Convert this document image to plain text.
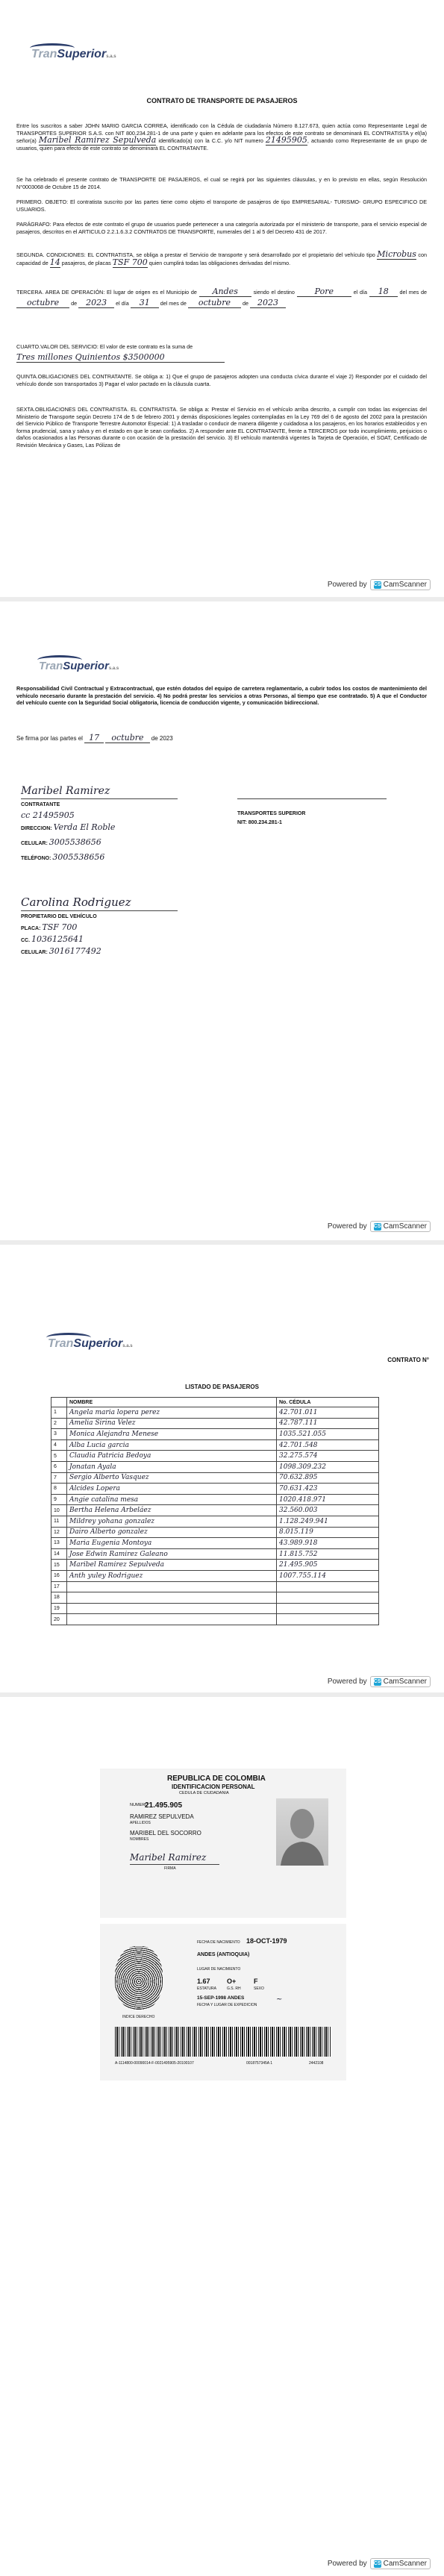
TranSuperiors.a.s
CONTRATO DE TRANSPORTE DE PASAJEROS
Entre los suscritos a saber JOHN MARIO GARCIA CORREA, identificado con la Cédula de ciudadanía Número 8.127.673, quien actúa como Representante Legal de TRANSPORTES SUPERIOR S.A.S. con NIT 800.234.281-1 de una parte y quien en adelante para los efectos de este contrato se denominará EL CONTRATISTA y el(la) señor(a) Maribel Ramirez Sepulveda identificado(a) con la C.C. y/o NIT numero 21495905, actuando como Representante de un grupo de usuarios, quien para efecto de este contrato se denominará EL CONTRATANTE.
Se ha celebrado el presente contrato de TRANSPORTE DE PASAJEROS, el cual se regirá por las siguientes cláusulas, y en lo previsto en ellas, según Resolución N°0003068 de Octubre 15 de 2014.
PRIMERO. OBJETO: El contratista suscrito por las partes tiene como objeto el transporte de pasajeros de tipo EMPRESARIAL- TURISMO- GRUPO ESPECIFICO DE USUARIOS.
PARÁGRAFO: Para efectos de este contrato el grupo de usuarios puede pertenecer a una categoría autorizada por el ministerio de transporte, para el servicio especial de pasajeros, descritos en el ARTICULO 2.2.1.6.3.2 CONTRATOS DE TRANSPORTE, numerales del 1 al 5 del Decreto 431 de 2017.
SEGUNDA. CONDICIONES: EL CONTRATISTA, se obliga a prestar el Servicio de transporte y será desarrollado por el propietario del vehículo tipo Microbus con capacidad de 14 pasajeros, de placas TSF 700 quien cumplirá todas las obligaciones derivadas del mismo.
TERCERA. AREA DE OPERACIÓN: El lugar de origen es el Municipio de Andes	siendo el destino Pore	el día 18 del mes de octubre de 2023 el día 31 del mes de octubre de 2023
CUARTO.VALOR DEL SERVICIO: El valor de este contrato es la suma de
Tres millones Quinientos $3500000
QUINTA.OBLIGACIONES DEL CONTRATANTE. Se obliga a: 1) Que el grupo de pasajeros adopten una conducta cívica durante el viaje 2) Responder por el cuidado del vehículo donde son transportados 3) Pagar el valor pactado en la cláusula cuarta.
SEXTA.OBLIGACIONES DEL CONTRATISTA. EL CONTRATISTA. Se obliga a: Prestar el Servicio en el vehículo arriba descrito, a cumplir con todas las exigencias del Ministerio de Transporte según Decreto 174 de 5 de febrero 2001 y demás disposiciones legales contempladas en la Ley 769 del 6 de agosto del 2002 para la prestación del Servicio Público de Transporte Terrestre Automotor Especial: 1) A trasladar o conducir de manera diligente y cuidadosa a los pasajeros, en los horarios establecidos y en forma prudencial, sana y salva y en el estado en que le sean confiados. 2) A responder ante EL CONTRATANTE, frente a TERCEROS por todo incumplimiento, perjuicios o daños ocasionados a las Personas durante o con ocasión de la prestación del servicio. 3) El vehículo mantendrá vigentes la Tarjeta de Operación, el SOAT, Certificado de Revisión Mecánica y Gases, Las Pólizas de
Powered by CS CamScanner
TranSuperiors.a.s
Responsabilidad Civil Contractual y Extracontractual, que estén dotados del equipo de carretera reglamentario, a cubrir todos los costos de mantenimiento del vehículo necesario durante la prestación del servicio. 4) No podrá prestar los servicios a otras Personas, al tiempo que ese contratado. 5) A que el Conductor del vehículo cuente con la Seguridad Social obligatoria, licencia de conducción vigente, y comunicación bidireccional.
Se firma por las partes el 17 octubre de 2023
Maribel Ramirez
CONTRATANTE
cc 21495905
DIRECCION: Verda El Roble
CELULAR: 3005538656
TELÉFONO: 3005538656
TRANSPORTES SUPERIOR
NIT: 800.234.281-1
Carolina Rodriguez
PROPIETARIO DEL VEHÍCULO
PLACA: TSF 700
CC. 1036125641
CELULAR: 3016177492
Powered by CS CamScanner
TranSuperiors.a.s
CONTRATO N°
LISTADO DE PASAJEROS
	NOMBRE	No. CÉDULA
1	Angela maria lopera perez	42.701.011
2	Amelia Sirina Velez	42.787.111
3	Monica Alejandra Menese	1035.521.055
4	Alba Lucia garcia	42.701.548
5	Claudia Patricia Bedoya	32.275.574
6	Jonatan Ayala	1098.309.232
7	Sergio Alberto Vasquez	70.632.895
8	Alcides Lopera	70.631.423
9	Angie catalina mesa	1020.418.971
10	Bertha Helena Arbeláez	32.560.003
11	Mildrey yohana gonzalez	1.128.249.941
12	Dairo Alberto gonzalez	8.015.119
13	Maria Eugenia Montoya	43.989.918
14	Jose Edwin Ramirez Galeano	11.815.752
15	Maribel Ramirez Sepulveda	21.495.905
16	Anth yuley Rodriguez	1007.755.114
17		
18		
19		
20		
Powered by CS CamScanner
REPUBLICA DE COLOMBIA
IDENTIFICACION PERSONAL
CEDULA DE CIUDADANIA
NUMERO
21.495.905
RAMIREZ SEPULVEDA
APELLIDOS
MARIBEL DEL SOCORRO
NOMBRES
Maribel Ramirez
FIRMA
INDICE DERECHO
FECHA DE NACIMIENTO 18-OCT-1979
ANDES (ANTIOQUIA)
LUGAR DE NACIMIENTO
1.67
ESTATURA
O+
G.S. RH
F
SEXO
15-SEP-1998 ANDES
FECHA Y LUGAR DE EXPEDICION
~
A-1114800-00090014-F-0021495905-20100107	0018757345A 1	2442108
Powered by CS CamScanner
